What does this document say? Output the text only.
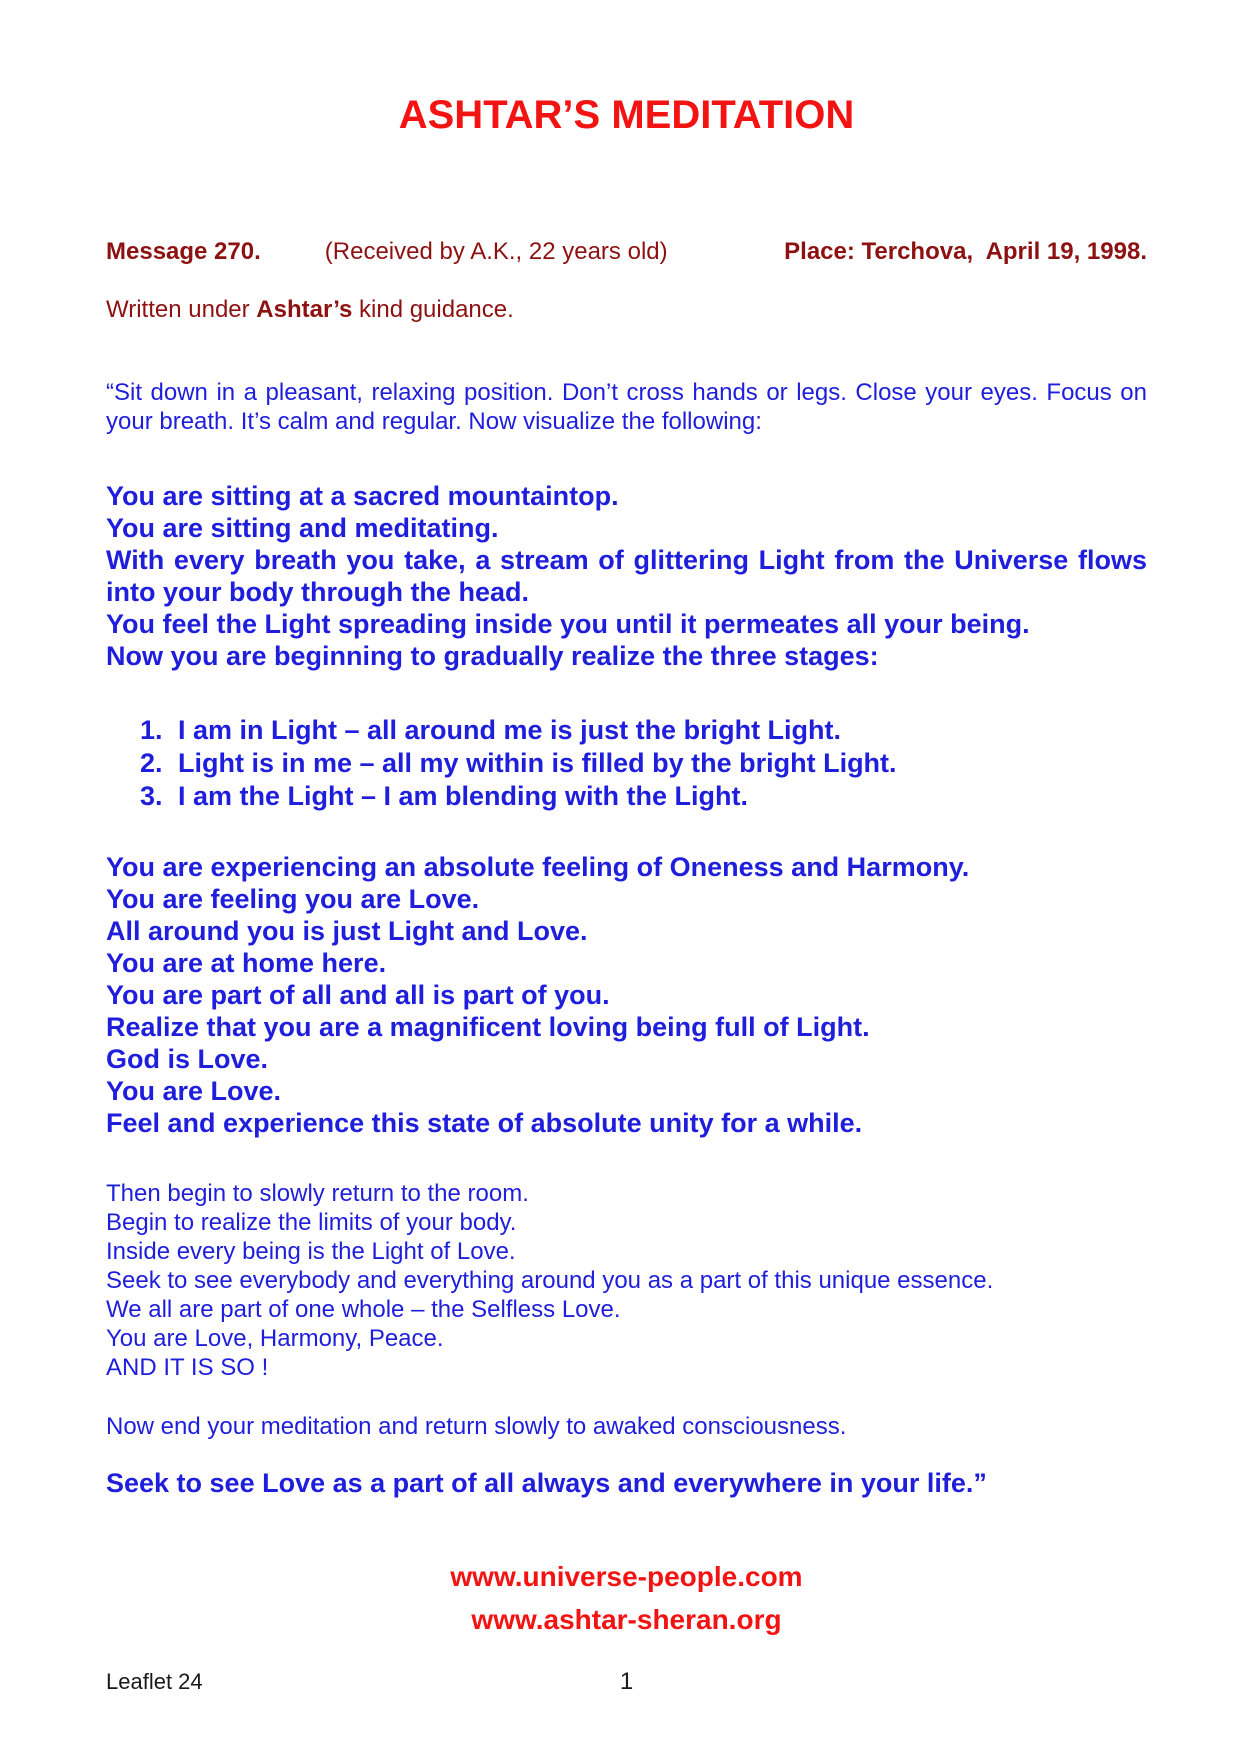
ASHTAR’S MEDITATION
Message 270.	(Received by A.K., 22 years old)	Place: Terchova,  April 19, 1998.

Written under Ashtar’s kind guidance.

“Sit down in a pleasant, relaxing position. Don’t cross hands or legs. Close your eyes. Focus on your breath. It’s calm and regular. Now visualize the following:

You are sitting at a sacred mountaintop.

You are sitting and meditating.

With every breath you take, a stream of glittering Light from the Universe flows into your body through the head.

You feel the Light spreading inside you until it permeates all your being.

Now you are beginning to gradually realize the three stages:

1. I am in Light – all around me is just the bright Light.
2. Light is in me – all my within is filled by the bright Light.
3. I am the Light – I am blending with the Light.

You are experiencing an absolute feeling of Oneness and Harmony.

You are feeling you are Love.

All around you is just Light and Love.

You are at home here.

You are part of all and all is part of you.

Realize that you are a magnificent loving being full of Light.

God is Love.

You are Love.

Feel and experience this state of absolute unity for a while.

Then begin to slowly return to the room.

Begin to realize the limits of your body.

Inside every being is the Light of Love.

Seek to see everybody and everything around you as a part of this unique essence.

We all are part of one whole – the Selfless Love.

You are Love, Harmony, Peace.

AND IT IS SO !

Now end your meditation and return slowly to awaked consciousness.

Seek to see Love as a part of all always and everywhere in your life.”

www.universe-people.com
www.ashtar-sheran.org
Leaflet 24	1
